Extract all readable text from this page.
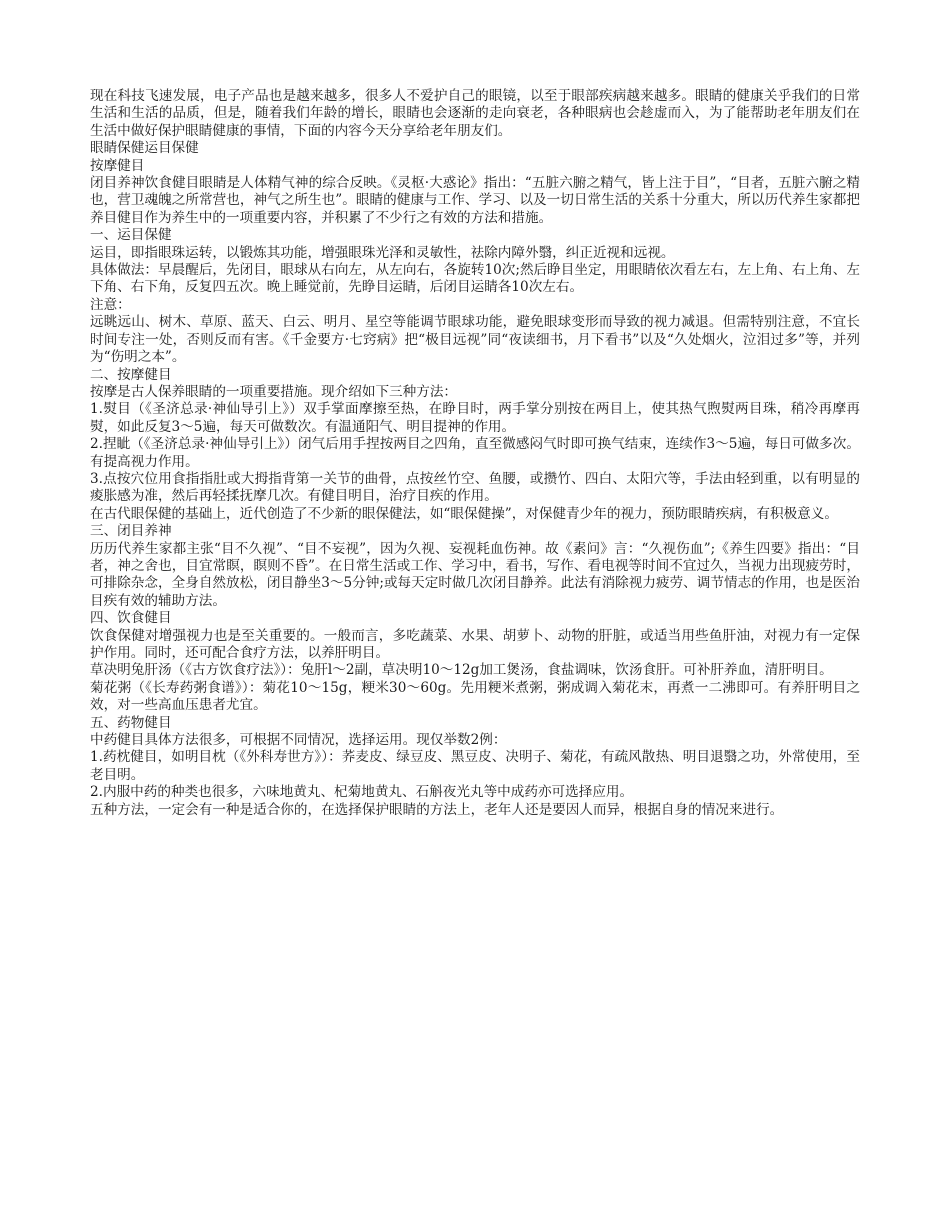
现在科技飞速发展，电子产品也是越来越多，很多人不爱护自己的眼镜，以至于眼部疾病越来越多。眼睛的健康关乎我们的日常生活和生活的品质，但是，随着我们年龄的增长，眼睛也会逐渐的走向衰老，各种眼病也会趁虚而入，为了能帮助老年朋友们在生活中做好保护眼睛健康的事情，下面的内容今天分享给老年朋友们。

眼睛保健运目保健

按摩健目

闭目养神饮食健目眼睛是人体精气神的综合反映。《灵枢·大惑论》指出：“五脏六腑之精气，皆上注于目”，“目者，五脏六腑之精也，营卫魂魄之所常营也，神气之所生也”。眼睛的健康与工作、学习、以及一切日常生活的关系十分重大，所以历代养生家都把养目健目作为养生中的一项重要内容，并积累了不少行之有效的方法和措施。

一、运目保健

运目，即指眼珠运转，以锻炼其功能，增强眼珠光泽和灵敏性，祛除内障外翳，纠正近视和远视。

具体做法：早晨醒后，先闭目，眼球从右向左，从左向右，各旋转10次;然后睁目坐定，用眼睛依次看左右，左上角、右上角、左下角、右下角，反复四五次。晚上睡觉前，先睁目运睛，后闭目运睛各10次左右。

注意：

远眺远山、树木、草原、蓝天、白云、明月、星空等能调节眼球功能，避免眼球变形而导致的视力减退。但需特别注意，不宜长时间专注一处，否则反而有害。《千金要方·七窍病》把“极目远视”同“夜读细书，月下看书”以及“久处烟火，泣泪过多”等，并列为“伤明之本”。

二、按摩健目

按摩是古人保养眼睛的一项重要措施。现介绍如下三种方法：

1.熨目（《圣济总录·神仙导引上》）双手掌面摩擦至热，在睁目时，两手掌分别按在两目上，使其热气煦熨两目珠，稍冷再摩再熨，如此反复3～5遍，每天可做数次。有温通阳气、明目提神的作用。

2.捏眦（《圣济总录·神仙导引上》）闭气后用手捏按两目之四角，直至微感闷气时即可换气结束，连续作3～5遍，每日可做多次。有提高视力作用。

3.点按穴位用食指指肚或大拇指背第一关节的曲骨，点按丝竹空、鱼腰，或攒竹、四白、太阳穴等，手法由轻到重，以有明显的痠胀感为准，然后再轻揉抚摩几次。有健目明目，治疗目疾的作用。

在古代眼保健的基础上，近代创造了不少新的眼保健法，如“眼保健操”，对保健青少年的视力，预防眼睛疾病，有积极意义。

三、闭目养神

历历代养生家都主张“目不久视”、“目不妄视”，因为久视、妄视耗血伤神。故《素问》言：“久视伤血”;《养生四要》指出：“目者，神之舍也，目宜常瞑，瞑则不昏”。在日常生活或工作、学习中，看书，写作、看电视等时间不宜过久，当视力出现疲劳时，可排除杂念，全身自然放松，闭目静坐3～5分钟;或每天定时做几次闭目静养。此法有消除视力疲劳、调节情志的作用，也是医治目疾有效的辅助方法。

四、饮食健目

饮食保健对增强视力也是至关重要的。一般而言，多吃蔬菜、水果、胡萝卜、动物的肝脏，或适当用些鱼肝油，对视力有一定保护作用。同时，还可配合食疗方法，以养肝明目。

草决明兔肝汤（《古方饮食疗法》）：兔肝l～2副，草决明10～12g加工煲汤，食盐调味，饮汤食肝。可补肝养血，清肝明目。

菊花粥（《长寿药粥食谱》）：菊花10～15g，粳米30～60g。先用粳米煮粥，粥成调入菊花末，再煮一二沸即可。有养肝明目之效，对一些高血压患者尤宜。

五、药物健目

中药健目具体方法很多，可根据不同情况，选择运用。现仅举数2例：

1.药枕健目，如明目枕（《外科寿世方》）：荞麦皮、绿豆皮、黑豆皮、决明子、菊花，有疏风散热、明目退翳之功，外常使用，至老目明。

2.内服中药的种类也很多，六味地黄丸、杞菊地黄丸、石斛夜光丸等中成药亦可选择应用。

五种方法，一定会有一种是适合你的，在选择保护眼睛的方法上，老年人还是要因人而异，根据自身的情况来进行。
